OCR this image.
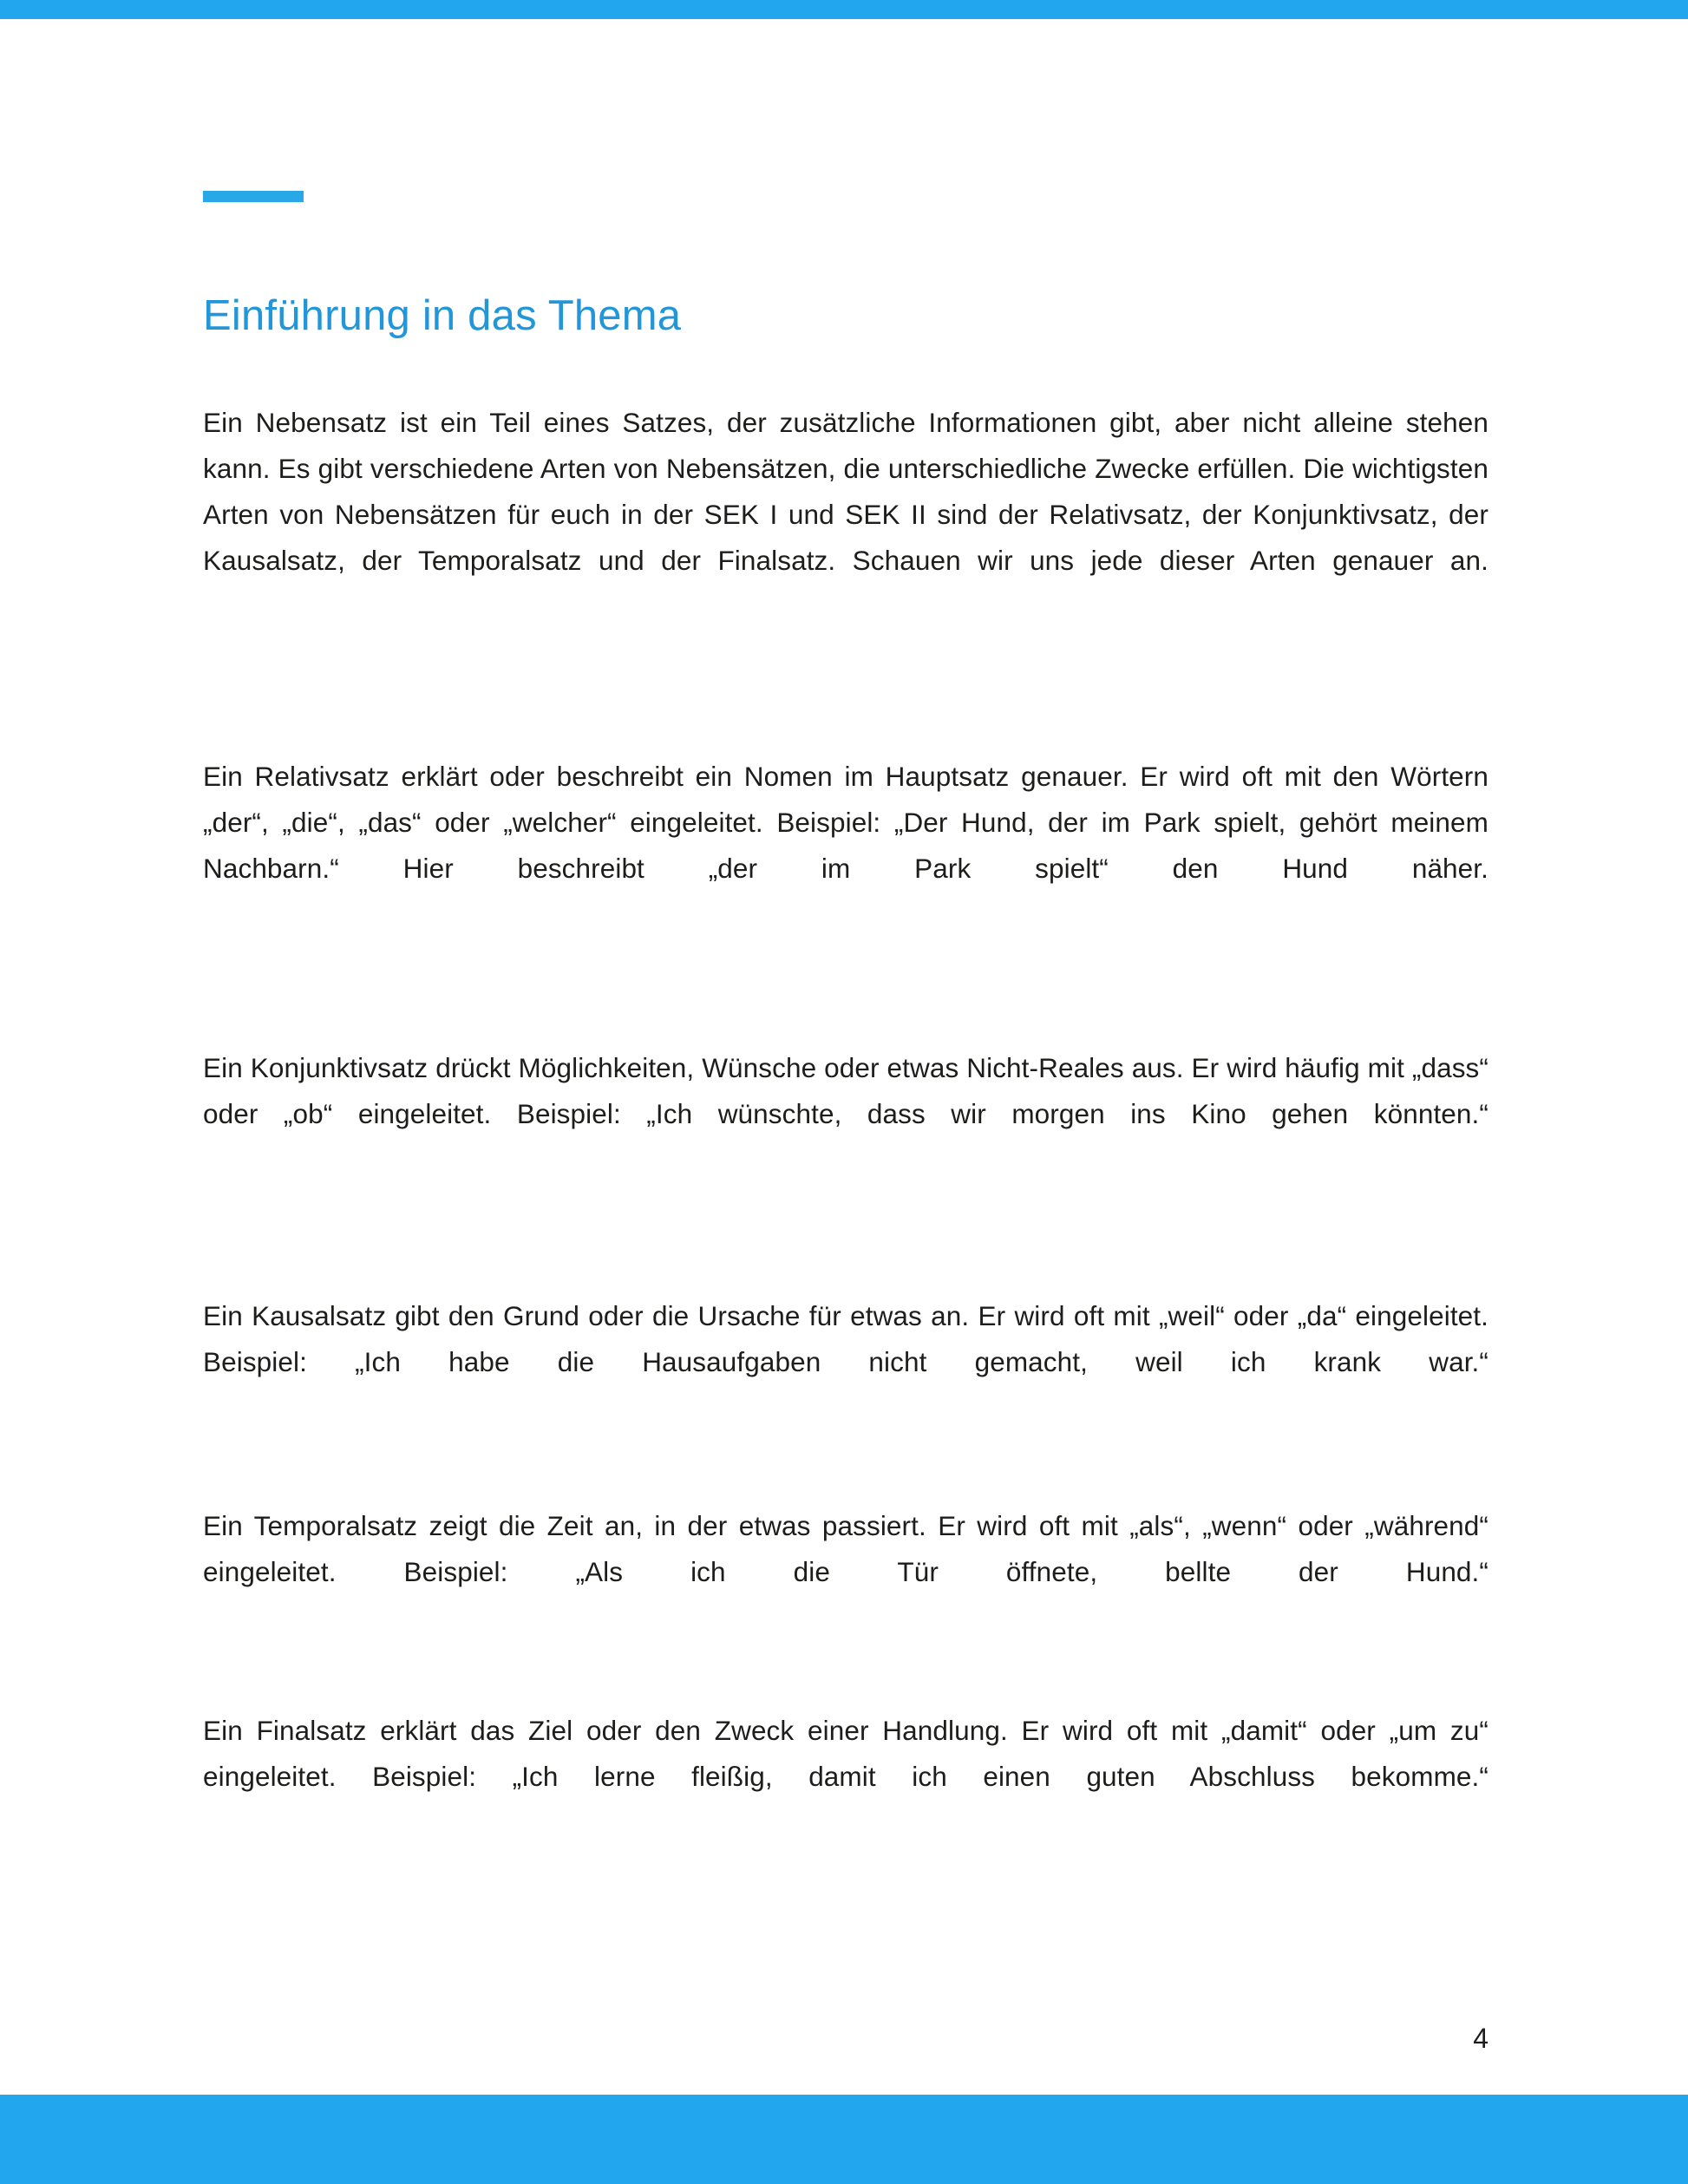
Einführung in das Thema

Ein Nebensatz ist ein Teil eines Satzes, der zusätzliche Informationen gibt, aber nicht alleine stehen kann. Es gibt verschiedene Arten von Nebensätzen, die unterschiedliche Zwecke erfüllen. Die wichtigsten Arten von Nebensätzen für euch in der SEK I und SEK II sind der Relativsatz, der Konjunktivsatz, der Kausalsatz, der Temporalsatz und der Finalsatz. Schauen wir uns jede dieser Arten genauer an.

Ein Relativsatz erklärt oder beschreibt ein Nomen im Hauptsatz genauer. Er wird oft mit den Wörtern „der“, „die“, „das“ oder „welcher“ eingeleitet. Beispiel: „Der Hund, der im Park spielt, gehört meinem Nachbarn.“ Hier beschreibt „der im Park spielt“ den Hund näher.

Ein Konjunktivsatz drückt Möglichkeiten, Wünsche oder etwas Nicht-Reales aus. Er wird häufig mit „dass“ oder „ob“ eingeleitet. Beispiel: „Ich wünschte, dass wir morgen ins Kino gehen könnten.“

Ein Kausalsatz gibt den Grund oder die Ursache für etwas an. Er wird oft mit „weil“ oder „da“ eingeleitet. Beispiel: „Ich habe die Hausaufgaben nicht gemacht, weil ich krank war.“

Ein Temporalsatz zeigt die Zeit an, in der etwas passiert. Er wird oft mit „als“, „wenn“ oder „während“ eingeleitet. Beispiel: „Als ich die Tür öffnete, bellte der Hund.“

Ein Finalsatz erklärt das Ziel oder den Zweck einer Handlung. Er wird oft mit „damit“ oder „um zu“ eingeleitet. Beispiel: „Ich lerne fleißig, damit ich einen guten Abschluss bekomme.“

4
